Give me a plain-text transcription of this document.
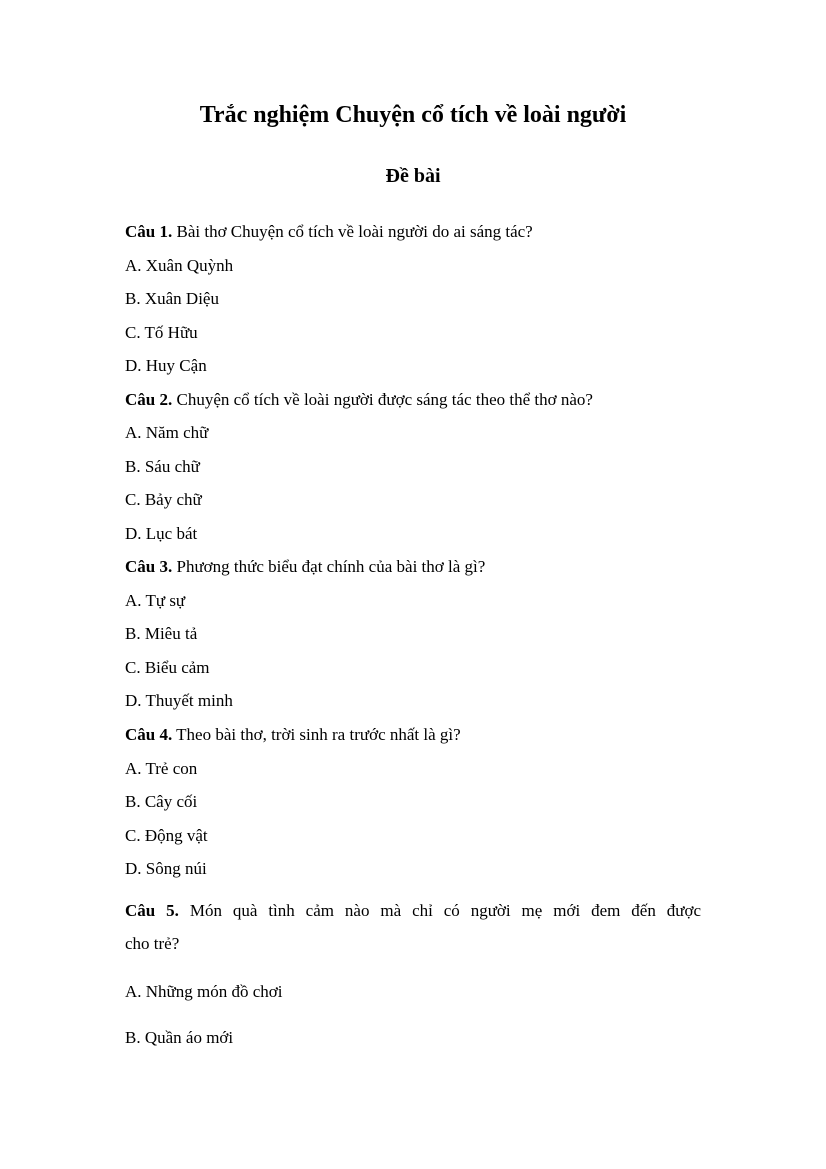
Trắc nghiệm Chuyện cổ tích về loài người
Đề bài

Câu 1. Bài thơ Chuyện cổ tích về loài người do ai sáng tác?

A. Xuân Quỳnh

B. Xuân Diệu

C. Tố Hữu

D. Huy Cận

Câu 2. Chuyện cổ tích về loài người được sáng tác theo thể thơ nào?

A. Năm chữ

B. Sáu chữ

C. Bảy chữ

D. Lục bát

Câu 3. Phương thức biểu đạt chính của bài thơ là gì?

A. Tự sự

B. Miêu tả

C. Biểu cảm

D. Thuyết minh

Câu 4. Theo bài thơ, trời sinh ra trước nhất là gì?

A. Trẻ con

B. Cây cối

C. Động vật

D. Sông núi

Câu 5. Món quà tình cảm nào mà chỉ có người mẹ mới đem đến được

cho trẻ?

A. Những món đồ chơi

B. Quần áo mới
